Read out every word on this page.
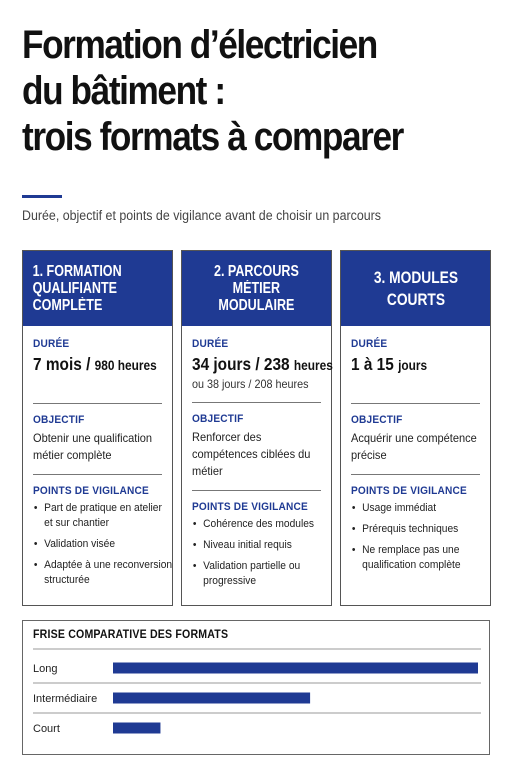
Formation d’électricien
du bâtiment :
trois formats à comparer
Durée, objectif et points de vigilance avant de choisir un parcours
1. FORMATION
QUALIFIANTE
COMPLÈTE
DURÉE
7 mois / 980 heures
OBJECTIF
Obtenir une qualification métier complète
POINTS DE VIGILANCE
• Part de pratique en atelier et sur chantier
• Validation visée
• Adaptée à une reconversion structurée
2. PARCOURS
MÉTIER
MODULAIRE
DURÉE
34 jours / 238 heures
ou 38 jours / 208 heures
OBJECTIF
Renforcer des compétences ciblées du métier
POINTS DE VIGILANCE
• Cohérence des modules
• Niveau initial requis
• Validation partielle ou progressive
3. MODULES
COURTS
DURÉE
1 à 15 jours
OBJECTIF
Acquérir une compétence précise
POINTS DE VIGILANCE
• Usage immédiat
• Prérequis techniques
• Ne remplace pas une qualification complète
FRISE COMPARATIVE DES FORMATS
Long
Intermédiaire
Court
